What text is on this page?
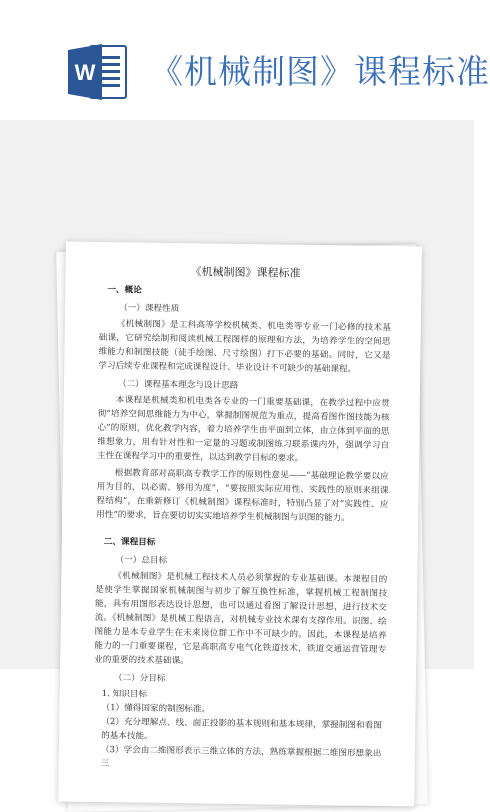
W 《机械制图》课程标准
《机械制图》课程标准
一、概论
（一）课程性质
《机械制图》是工科高等学校机械类、机电类等专业一门必修的技术基础课，它研究绘制和阅读机械工程图样的原理和方法，为培养学生的空间思维能力和制图技能（徒手绘图、尺寸绘图）打下必要的基础。同时，它又是学习后续专业课程和完成课程设计、毕业设计不可缺少的基础课程。
（二）课程基本理念与设计思路
本课程是机械类和机电类各专业的一门重要基础课，在教学过程中应贯彻“培养空间思维能力为中心，掌握制图规范为重点，提高看图作图技能为核心”的原则，优化教学内容，着力培养学生由平面到立体，由立体到平面的思维想象力，用有针对性和一定量的习题或制图练习联系课内外，强调学习自主性在课程学习中的重要性，以达到教学目标的要求。
根据教育部对高职高专教学工作的原则性意见——“基础理论教学要以应用为目的，以必需、够用为度”，“要按照实际应用性、实践性的原则来组课程结构”，在重新修订《机械制图》课程标准时，特别凸显了对“实践性、应用性”的要求，旨在要切切实实地培养学生机械制图与识图的能力。
二、课程目标
（一）总目标
《机械制图》是机械工程技术人员必须掌握的专业基础课。本课程目的是使学生掌握国家机械制图与初步了解互换性标准，掌握机械工程制图技能，具有用图形表达设计思想，也可以通过看图了解设计思想，进行技术交流。《机械制图》是机械工程语言，对机械专业技术课有支撑作用。识图、绘图能力是本专业学生在未来岗位群工作中不可缺少的。因此，本课程是培养能力的一门重要课程，它是高职高专电气化铁道技术，铁道交通运营管理专业的重要的技术基础课。
（二）分目标
1. 知识目标
（1）懂得国家的制图标准。
（2）充分理解点、线、面正投影的基本规则和基本规律，掌握制图和看图的基本技能。
（3）学会由二维图形表示三维立体的方法，熟练掌握根据二维图形想象出三
